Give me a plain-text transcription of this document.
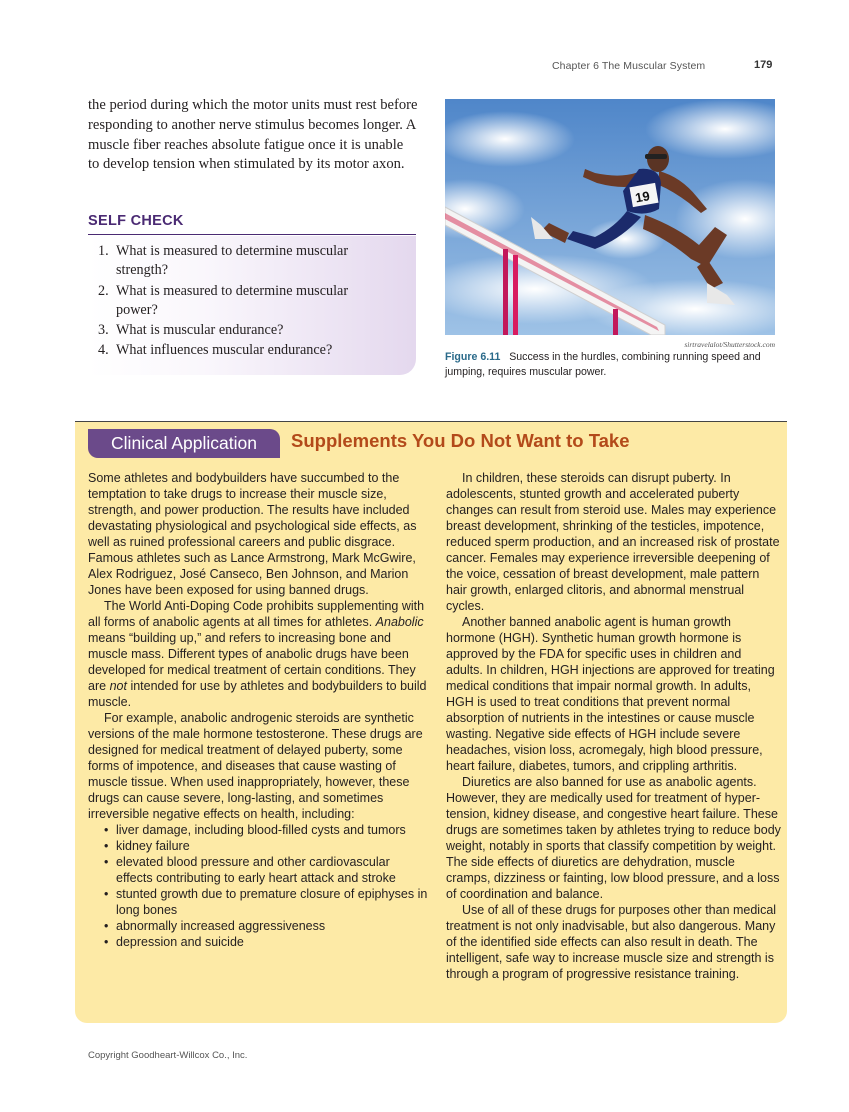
Chapter 6 The Muscular System	179
the period during which the motor units must rest before responding to another nerve stimulus becomes longer. A muscle fiber reaches absolute fatigue once it is unable to develop tension when stimulated by its motor axon.
SELF CHECK
1. What is measured to determine muscular strength?
2. What is measured to determine muscular power?
3. What is muscular endurance?
4. What influences muscular endurance?
19
sirtravelalot/Shutterstock.com
Figure 6.11 Success in the hurdles, combining running speed and jumping, requires muscular power.
Clinical Application	Supplements You Do Not Want to Take

Some athletes and bodybuilders have succumbed to the temptation to take drugs to increase their muscle size, strength, and power production. The results have included devastating physiological and psychological side effects, as well as ruined professional careers and public disgrace. Famous athletes such as Lance Armstrong, Mark McGwire, Alex Rodriguez, José Canseco, Ben Johnson, and Marion Jones have been exposed for using banned drugs.

The World Anti-Doping Code prohibits supplementing with all forms of anabolic agents at all times for athletes. Anabolic means “building up,” and refers to increasing bone and muscle mass. Different types of anabolic drugs have been developed for medical treatment of certain conditions. They are not intended for use by athletes and bodybuilders to build muscle.

For example, anabolic androgenic steroids are synthetic versions of the male hormone testosterone. These drugs are designed for medical treatment of delayed puberty, some forms of impotence, and diseases that cause wasting of muscle tissue. When used inappropriately, however, these drugs can cause severe, long-lasting, and sometimes irreversible negative effects on health, including:

• liver damage, including blood-filled cysts and tumors
• kidney failure
• elevated blood pressure and other cardiovascular effects contributing to early heart attack and stroke
• stunted growth due to premature closure of epiphyses in long bones
• abnormally increased aggressiveness
• depression and suicide

In children, these steroids can disrupt puberty. In adolescents, stunted growth and accelerated puberty changes can result from steroid use. Males may experience breast development, shrinking of the testicles, impotence, reduced sperm production, and an increased risk of prostate cancer. Females may experience irreversible deepening of the voice, cessation of breast development, male pattern hair growth, enlarged clitoris, and abnormal menstrual cycles.

Another banned anabolic agent is human growth hormone (HGH). Synthetic human growth hormone is approved by the FDA for specific uses in children and adults. In children, HGH injections are approved for treating medical conditions that impair normal growth. In adults, HGH is used to treat conditions that prevent normal absorption of nutrients in the intestines or cause muscle wasting. Negative side effects of HGH include severe headaches, vision loss, acromegaly, high blood pressure, heart failure, diabetes, tumors, and crippling arthritis.

Diuretics are also banned for use as anabolic agents. However, they are medically used for treatment of hyper-tension, kidney disease, and congestive heart failure. These drugs are sometimes taken by athletes trying to reduce body weight, notably in sports that classify competition by weight. The side effects of diuretics are dehydration, muscle cramps, dizziness or fainting, low blood pressure, and a loss of coordination and balance.

Use of all of these drugs for purposes other than medical treatment is not only inadvisable, but also dangerous. Many of the identified side effects can also result in death. The intelligent, safe way to increase muscle size and strength is through a program of progressive resistance training.

Copyright Goodheart-Willcox Co., Inc.
